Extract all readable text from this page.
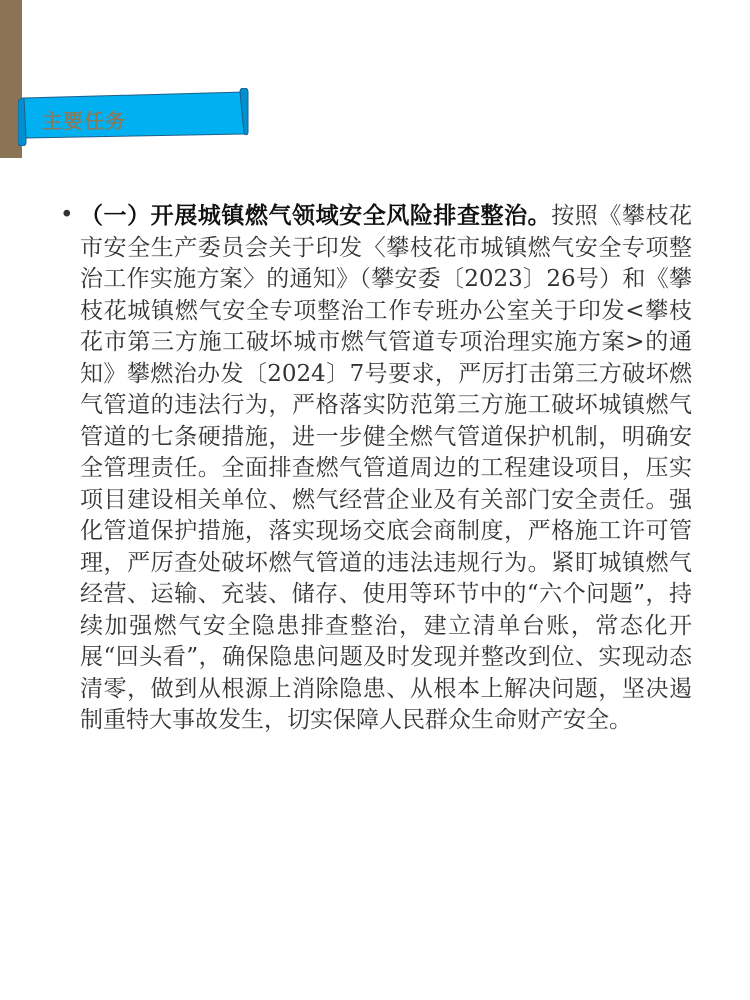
主要任务
• （一）开展城镇燃气领域安全风险排查整治。按照《攀枝花市安全生产委员会关于印发〈攀枝花市城镇燃气安全专项整治工作实施方案〉的通知》（攀安委〔2023〕26号）和《攀枝花城镇燃气安全专项整治工作专班办公室关于印发<攀枝花市第三方施工破坏城市燃气管道专项治理实施方案>的通知》攀燃治办发〔2024〕7号要求，严厉打击第三方破坏燃气管道的违法行为，严格落实防范第三方施工破坏城镇燃气管道的七条硬措施，进一步健全燃气管道保护机制，明确安全管理责任。全面排查燃气管道周边的工程建设项目，压实项目建设相关单位、燃气经营企业及有关部门安全责任。强化管道保护措施，落实现场交底会商制度，严格施工许可管理，严厉查处破坏燃气管道的违法违规行为。紧盯城镇燃气经营、运输、充装、储存、使用等环节中的“六个问题”，持续加强燃气安全隐患排查整治，建立清单台账，常态化开展“回头看”，确保隐患问题及时发现并整改到位、实现动态清零，做到从根源上消除隐患、从根本上解决问题，坚决遏制重特大事故发生，切实保障人民群众生命财产安全。
